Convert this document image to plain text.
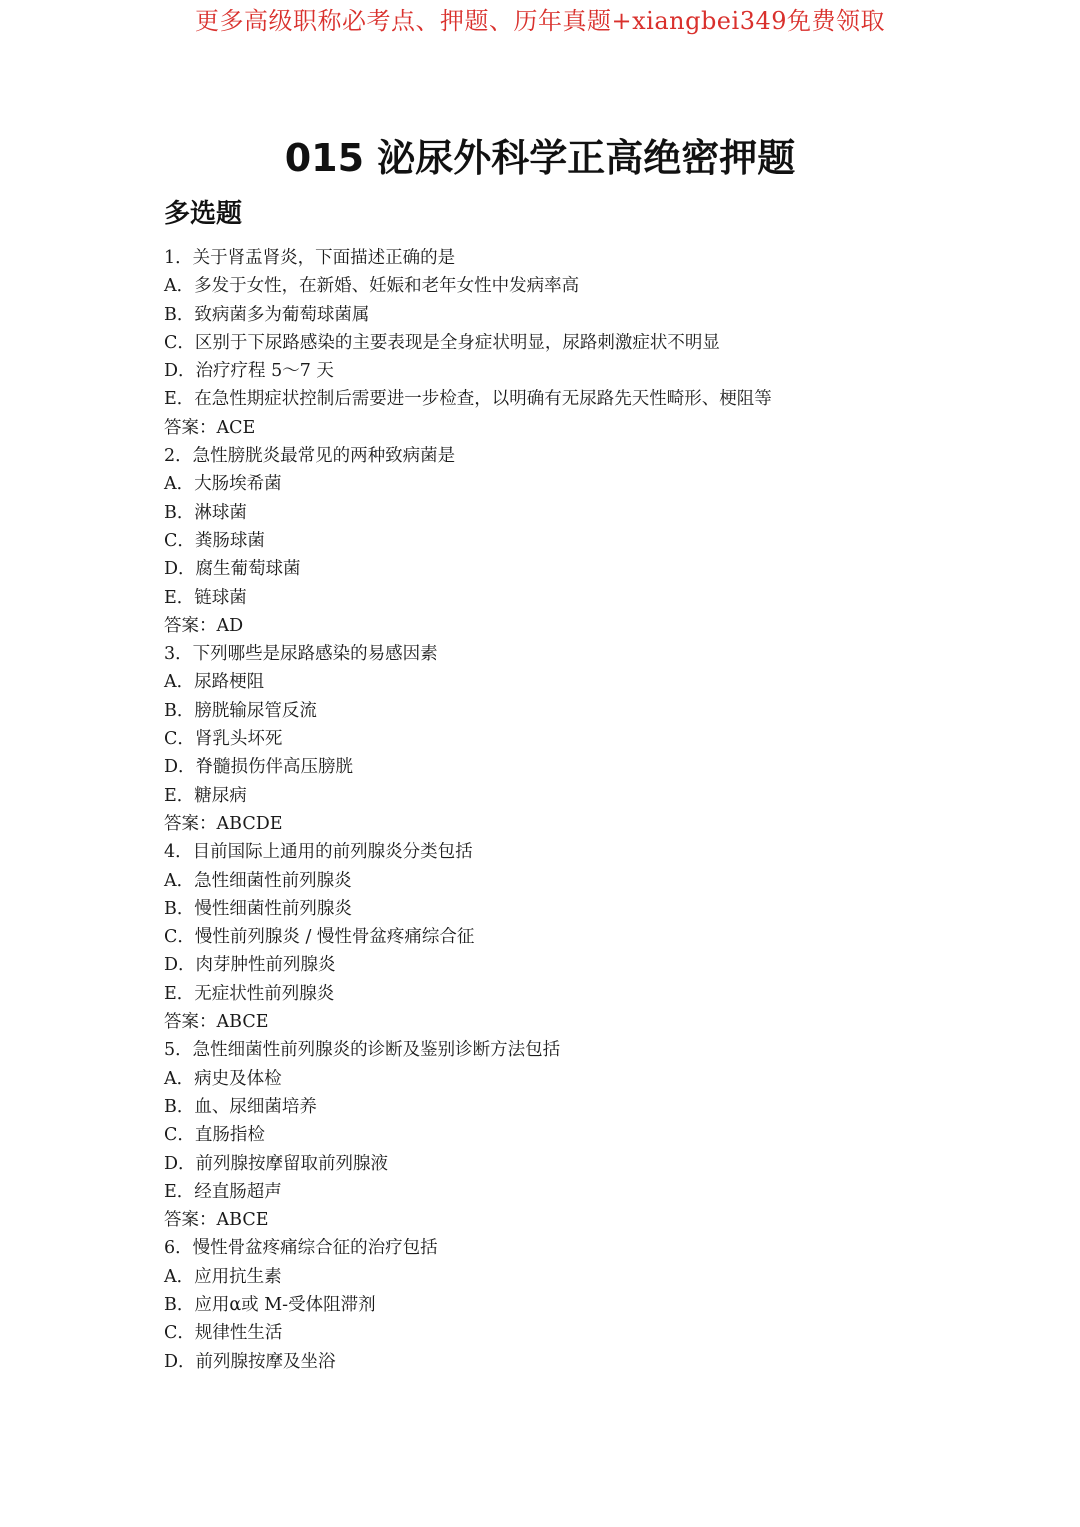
更多高级职称必考点、押题、历年真题+xiangbei349免费领取
015 泌尿外科学正高绝密押题
多选题
1．关于肾盂肾炎，下面描述正确的是
A．多发于女性，在新婚、妊娠和老年女性中发病率高
B．致病菌多为葡萄球菌属
C．区别于下尿路感染的主要表现是全身症状明显，尿路刺激症状不明显
D．治疗疗程 5～7 天
E．在急性期症状控制后需要进一步检查，以明确有无尿路先天性畸形、梗阻等
答案：ACE
2．急性膀胱炎最常见的两种致病菌是
A．大肠埃希菌
B．淋球菌
C．粪肠球菌
D．腐生葡萄球菌
E．链球菌
答案：AD
3．下列哪些是尿路感染的易感因素
A．尿路梗阻
B．膀胱输尿管反流
C．肾乳头坏死
D．脊髓损伤伴高压膀胱
E．糖尿病
答案：ABCDE
4．目前国际上通用的前列腺炎分类包括
A．急性细菌性前列腺炎
B．慢性细菌性前列腺炎
C．慢性前列腺炎 / 慢性骨盆疼痛综合征
D．肉芽肿性前列腺炎
E．无症状性前列腺炎
答案：ABCE
5．急性细菌性前列腺炎的诊断及鉴别诊断方法包括
A．病史及体检
B．血、尿细菌培养
C．直肠指检
D．前列腺按摩留取前列腺液
E．经直肠超声
答案：ABCE
6．慢性骨盆疼痛综合征的治疗包括
A．应用抗生素
B．应用α或 M-受体阻滞剂
C．规律性生活
D．前列腺按摩及坐浴
